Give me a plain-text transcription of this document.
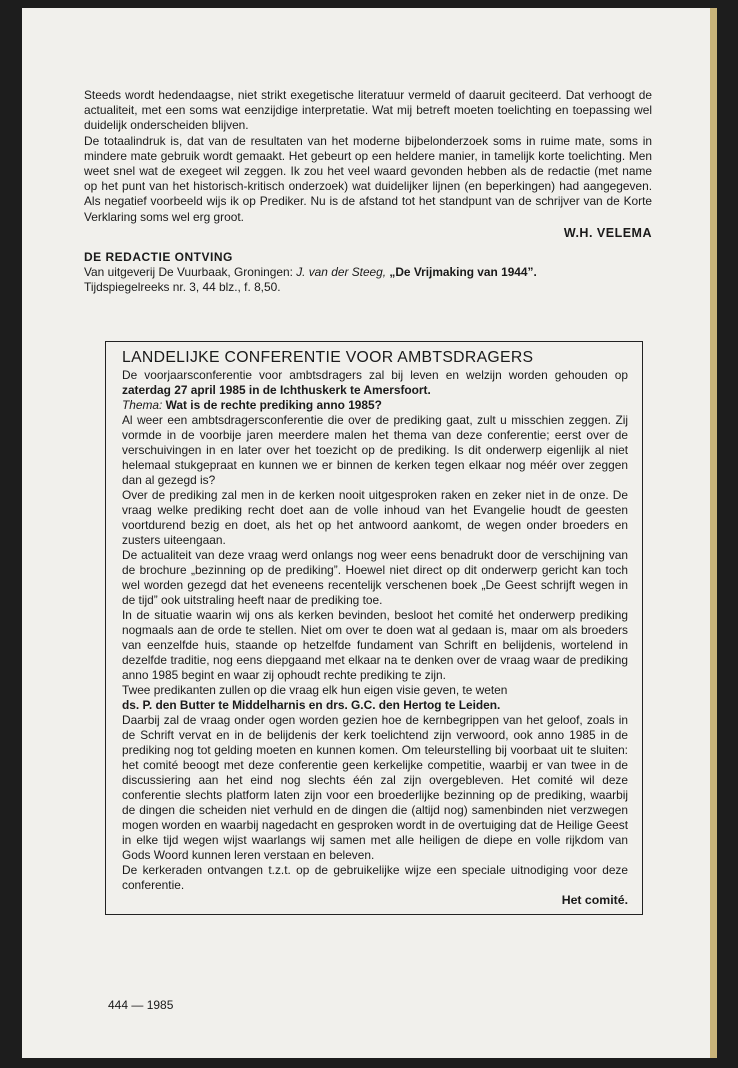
Steeds wordt hedendaagse, niet strikt exegetische literatuur vermeld of daaruit geciteerd. Dat verhoogt de actualiteit, met een soms wat eenzijdige interpretatie. Wat mij betreft moeten toelichting en toepassing wel duidelijk onderscheiden blijven.

De totaalindruk is, dat van de resultaten van het moderne bijbelonderzoek soms in ruime mate, soms in mindere mate gebruik wordt gemaakt. Het gebeurt op een heldere manier, in tamelijk korte toelichting. Men weet snel wat de exegeet wil zeggen. Ik zou het veel waard gevonden hebben als de redactie (met name op het punt van het historisch-kritisch onderzoek) wat duidelijker lijnen (en beperkingen) had aangegeven. Als negatief voorbeeld wijs ik op Prediker. Nu is de afstand tot het standpunt van de schrijver van de Korte Verklaring soms wel erg groot.

W.H. VELEMA
DE REDACTIE ONTVING

Van uitgeverij De Vuurbaak, Groningen: J. van der Steeg, „De Vrijmaking van 1944”.

Tijdspiegelreeks nr. 3, 44 blz., f. 8,50.

LANDELIJKE CONFERENTIE VOOR AMBTSDRAGERS

De voorjaarsconferentie voor ambtsdragers zal bij leven en welzijn worden gehouden op zaterdag 27 april 1985 in de Ichthuskerk te Amersfoort.

Thema: Wat is de rechte prediking anno 1985?

Al weer een ambtsdragersconferentie die over de prediking gaat, zult u misschien zeggen. Zij vormde in de voorbije jaren meerdere malen het thema van deze conferentie; eerst over de verschuivingen in en later over het toezicht op de prediking. Is dit onderwerp eigenlijk al niet helemaal stukgepraat en kunnen we er binnen de kerken tegen elkaar nog méér over zeggen dan al gezegd is?

Over de prediking zal men in de kerken nooit uitgesproken raken en zeker niet in de onze. De vraag welke prediking recht doet aan de volle inhoud van het Evangelie houdt de geesten voortdurend bezig en doet, als het op het antwoord aankomt, de wegen onder broeders en zusters uiteengaan.

De actualiteit van deze vraag werd onlangs nog weer eens benadrukt door de verschijning van de brochure „bezinning op de prediking”. Hoewel niet direct op dit onderwerp gericht kan toch wel worden gezegd dat het eveneens recentelijk verschenen boek „De Geest schrijft wegen in de tijd” ook uitstraling heeft naar de prediking toe.

In de situatie waarin wij ons als kerken bevinden, besloot het comité het onderwerp prediking nogmaals aan de orde te stellen. Niet om over te doen wat al gedaan is, maar om als broeders van eenzelfde huis, staande op hetzelfde fundament van Schrift en belijdenis, wortelend in dezelfde traditie, nog eens diepgaand met elkaar na te denken over de vraag waar de prediking anno 1985 begint en waar zij ophoudt rechte prediking te zijn.

Twee predikanten zullen op die vraag elk hun eigen visie geven, te weten

ds. P. den Butter te Middelharnis en drs. G.C. den Hertog te Leiden.

Daarbij zal de vraag onder ogen worden gezien hoe de kernbegrippen van het geloof, zoals in de Schrift vervat en in de belijdenis der kerk toelichtend zijn verwoord, ook anno 1985 in de prediking nog tot gelding moeten en kunnen komen. Om teleurstelling bij voorbaat uit te sluiten: het comité beoogt met deze conferentie geen kerkelijke competitie, waarbij er van twee in de discussiering aan het eind nog slechts één zal zijn overgebleven. Het comité wil deze conferentie slechts platform laten zijn voor een broederlijke bezinning op de prediking, waarbij de dingen die scheiden niet verhuld en de dingen die (altijd nog) samenbinden niet verzwegen mogen worden en waarbij nagedacht en gesproken wordt in de overtuiging dat de Heilige Geest in elke tijd wegen wijst waarlangs wij samen met alle heiligen de diepe en volle rijkdom van Gods Woord kunnen leren verstaan en beleven.

De kerkeraden ontvangen t.z.t. op de gebruikelijke wijze een speciale uitnodiging voor deze conferentie.

Het comité.
444 — 1985
